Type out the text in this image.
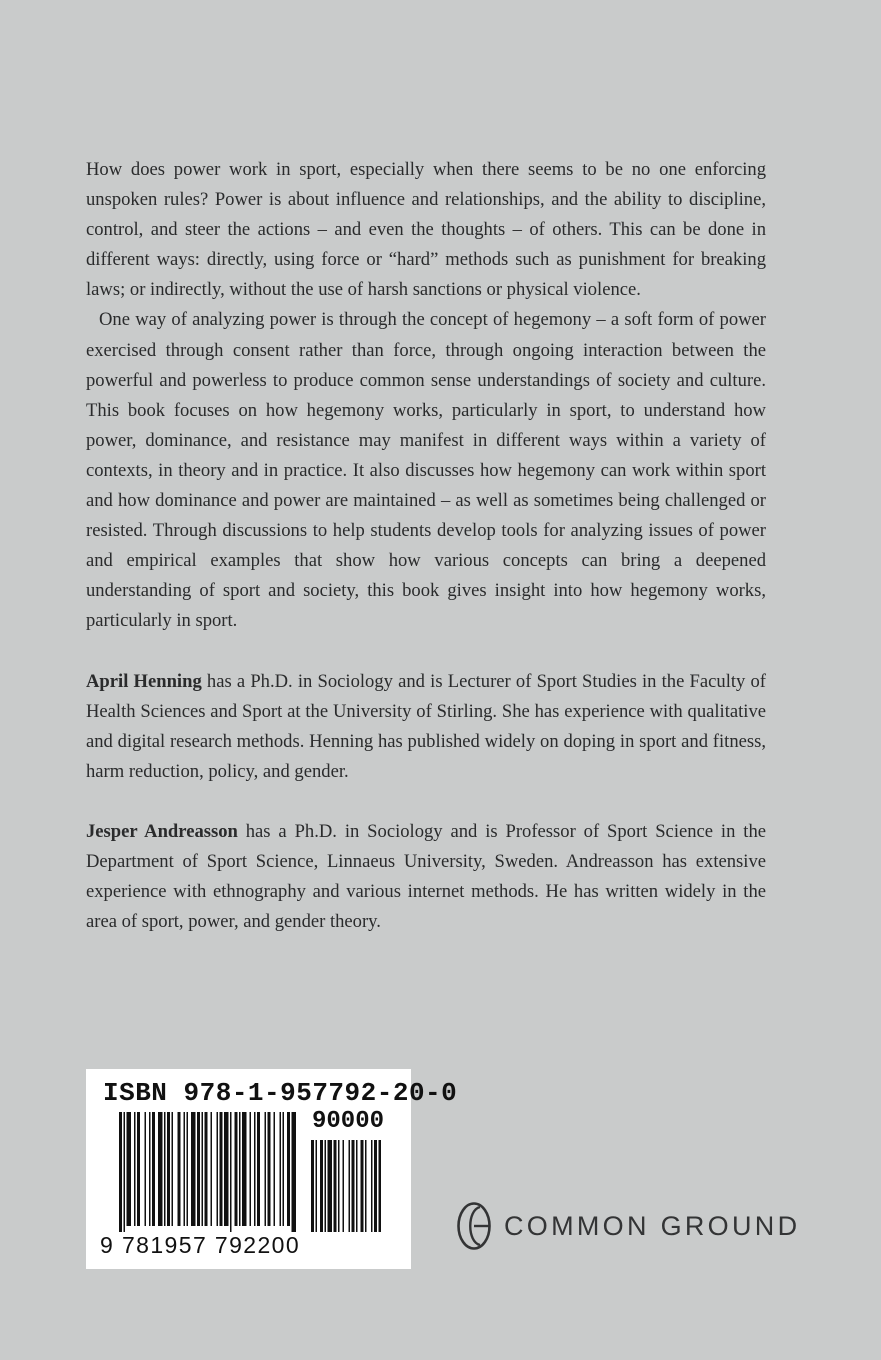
How does power work in sport, especially when there seems to be no one enforcing unspoken rules? Power is about influence and relationships, and the ability to discipline, control, and steer the actions – and even the thoughts – of others. This can be done in different ways: directly, using force or “hard” methods such as punishment for breaking laws; or indirectly, without the use of harsh sanctions or physical violence.

One way of analyzing power is through the concept of hegemony – a soft form of power exercised through consent rather than force, through ongoing interaction between the powerful and powerless to produce common sense understandings of society and culture. This book focuses on how hegemony works, particularly in sport, to understand how power, dominance, and resistance may manifest in different ways within a variety of contexts, in theory and in practice. It also discusses how hegemony can work within sport and how dominance and power are maintained – as well as sometimes being challenged or resisted. Through discussions to help students develop tools for analyzing issues of power and empirical examples that show how various concepts can bring a deepened understanding of sport and society, this book gives insight into how hegemony works, particularly in sport.

April Henning has a Ph.D. in Sociology and is Lecturer of Sport Studies in the Faculty of Health Sciences and Sport at the University of Stirling. She has experience with qualitative and digital research methods. Henning has published widely on doping in sport and fitness, harm reduction, policy, and gender.

Jesper Andreasson has a Ph.D. in Sociology and is Professor of Sport Science in the Department of Sport Science, Linnaeus University, Sweden. Andreasson has extensive experience with ethnography and various internet methods. He has written widely in the area of sport, power, and gender theory.

ISBN 978-1-957792-20-0
90000
9 781957 792200
COMMON GROUND
